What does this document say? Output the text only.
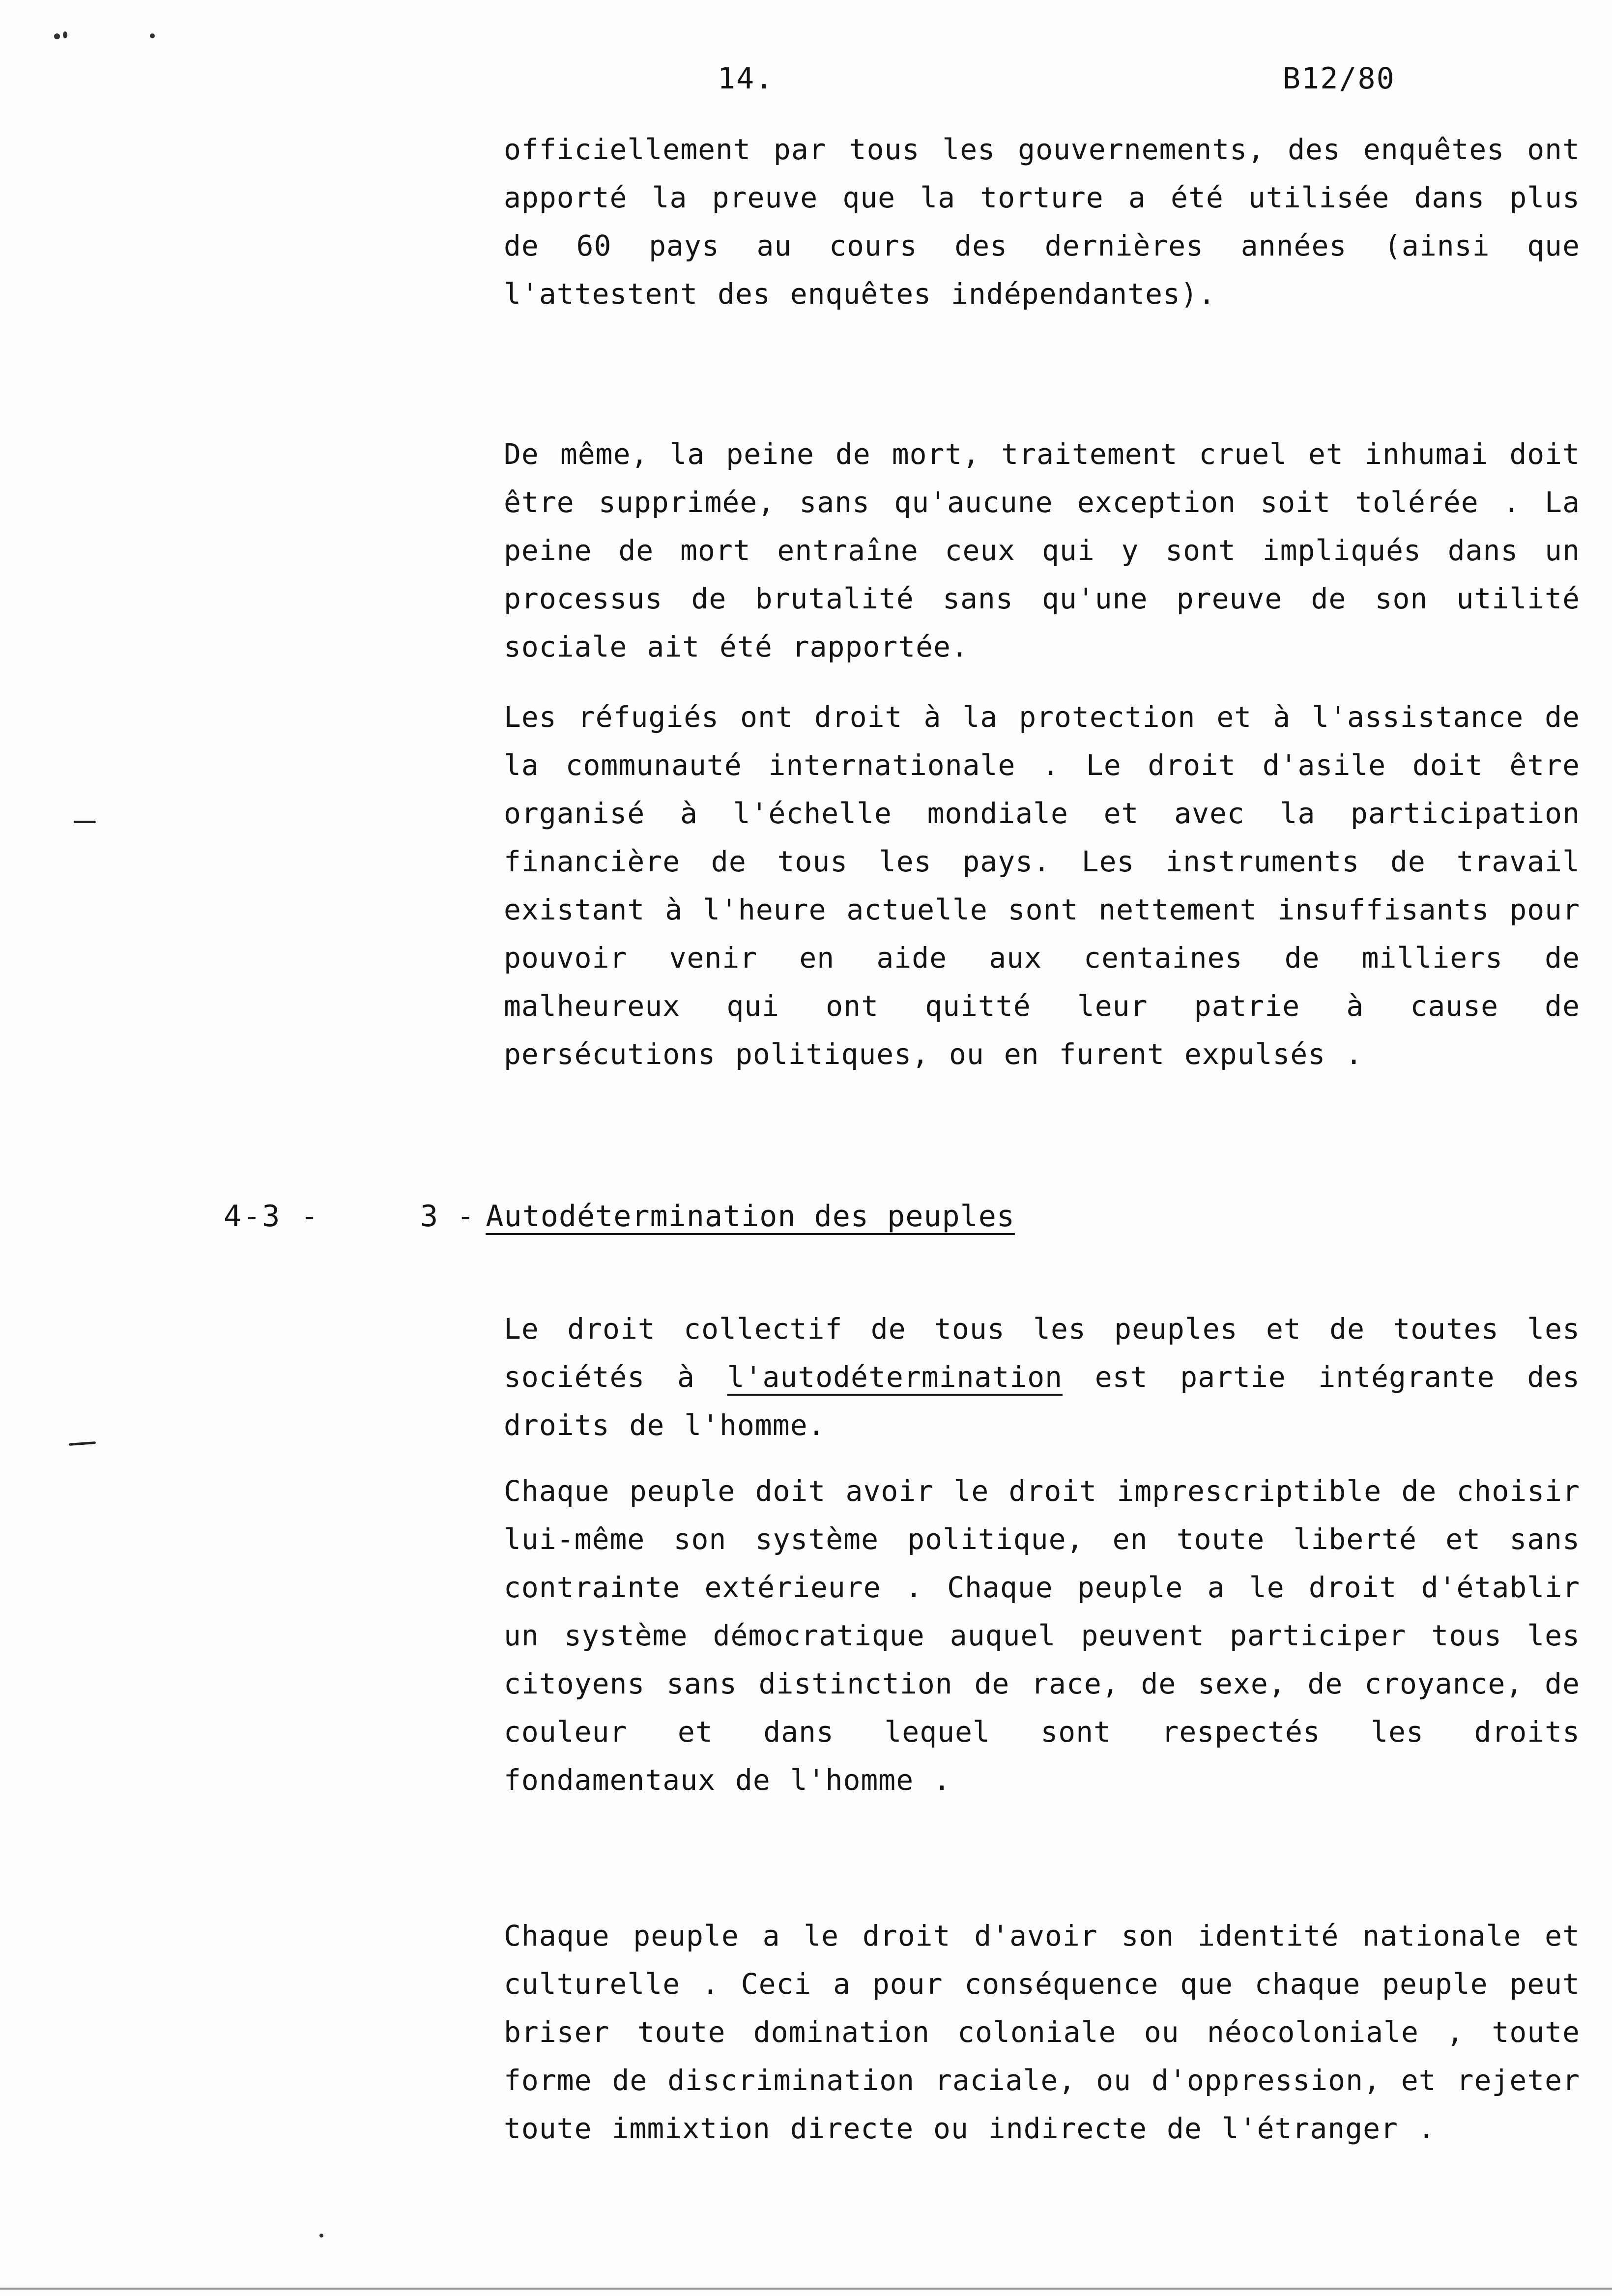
14.	B12/80

officiellement par tous les gouvernements, des enquêtes ont apporté la preuve que la torture a été utilisée dans plus de 60 pays au cours des dernières années (ainsi que l'attestent des enquêtes indépendantes).

De même, la peine de mort, traitement cruel et inhumai doit être supprimée, sans qu'aucune exception soit tolérée . La peine de mort entraîne ceux qui y sont impliqués dans un processus de brutalité sans qu'une preuve de son utilité sociale ait été rapportée.

Les réfugiés ont droit à la protection et à l'assistance de la communauté internationale . Le droit d'asile doit être organisé à l'échelle mondiale et avec la participation financière de tous les pays. Les instruments de travail existant à l'heure actuelle sont nettement insuffisants pour pouvoir venir en aide aux centaines de milliers de malheureux qui ont quitté leur patrie à cause de persécutions politiques, ou en furent expulsés .

4-3 -	3 - Autodétermination des peuples

Le droit collectif de tous les peuples et de toutes les sociétés à l'autodétermination est partie intégrante des droits de l'homme.

Chaque peuple doit avoir le droit imprescriptible de choisir lui-même son système politique, en toute liberté et sans contrainte extérieure . Chaque peuple a le droit d'établir un système démocratique auquel peuvent participer tous les citoyens sans distinction de race, de sexe, de croyance, de couleur et dans lequel sont respectés les droits fondamentaux de l'homme .

Chaque peuple a le droit d'avoir son identité nationale et culturelle . Ceci a pour conséquence que chaque peuple peut briser toute domination coloniale ou néocoloniale , toute forme de discrimination raciale, ou d'oppression, et rejeter toute immixtion directe ou indirecte de l'étranger .
